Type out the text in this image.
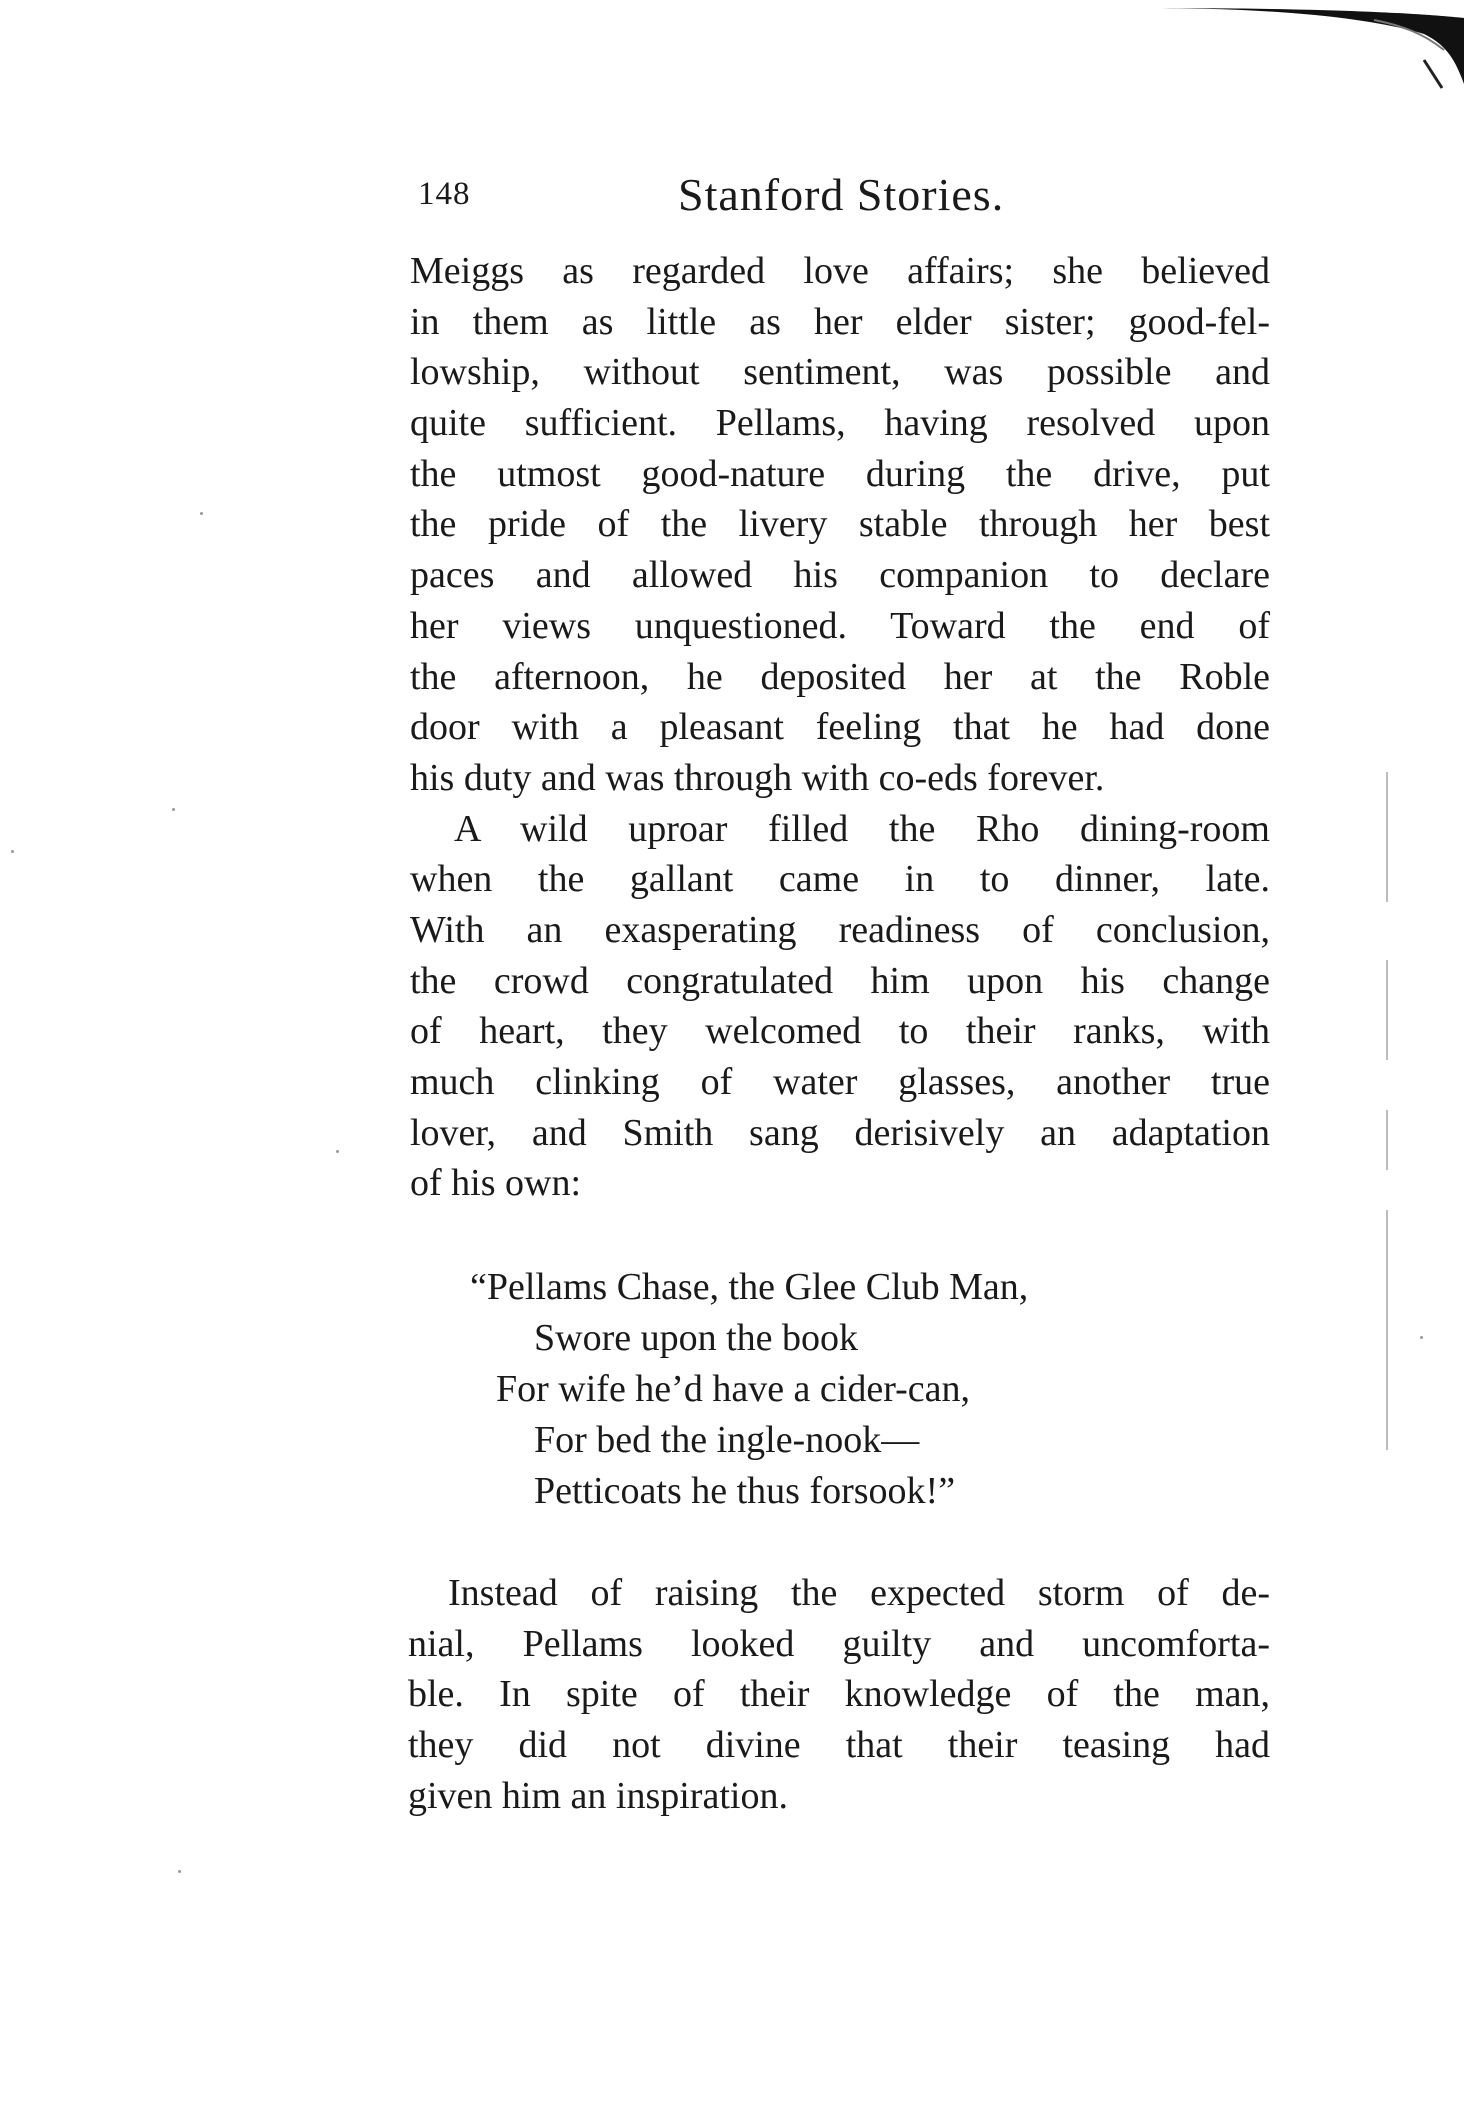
148	Stanford Stories.
Meiggs as regarded love affairs; she believed
in them as little as her elder sister; good-fel-
lowship, without sentiment, was possible and
quite sufficient. Pellams, having resolved upon
the utmost good-nature during the drive, put
the pride of the livery stable through her best
paces and allowed his companion to declare
her views unquestioned. Toward the end of
the afternoon, he deposited her at the Roble
door with a pleasant feeling that he had done
his duty and was through with co-eds forever.
A wild uproar filled the Rho dining-room
when the gallant came in to dinner, late.
With an exasperating readiness of conclusion,
the crowd congratulated him upon his change
of heart, they welcomed to their ranks, with
much clinking of water glasses, another true
lover, and Smith sang derisively an adaptation
of his own:
“Pellams Chase, the Glee Club Man,
Swore upon the book
For wife he’d have a cider-can,
For bed the ingle-nook—
Petticoats he thus forsook!”
Instead of raising the expected storm of de-
nial, Pellams looked guilty and uncomforta-
ble. In spite of their knowledge of the man,
they did not divine that their teasing had
given him an inspiration.
